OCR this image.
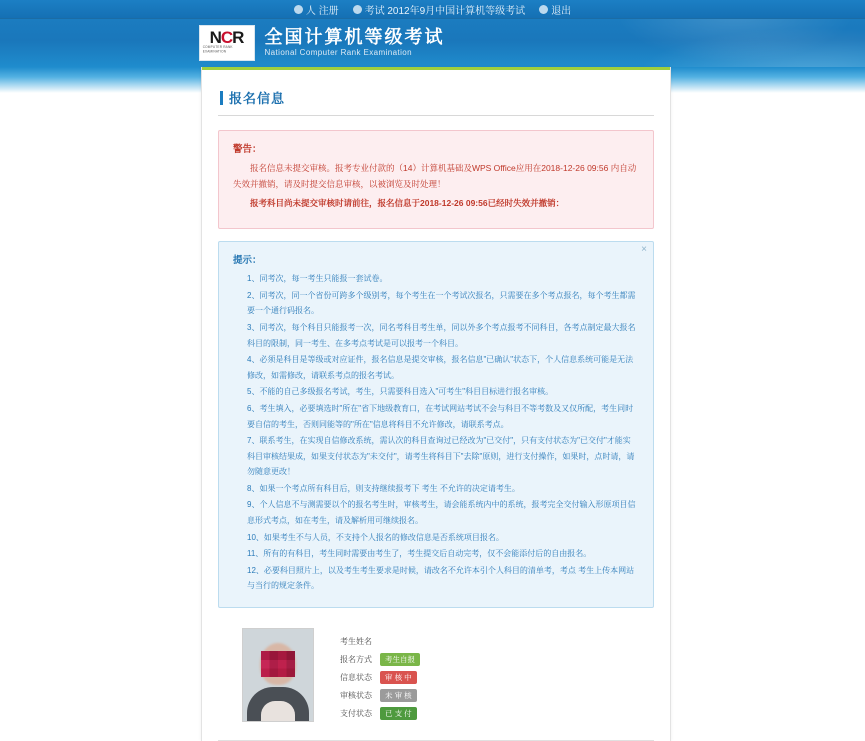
人 注册	考试 2012年9月中国计算机等级考试	退出
NCR
COMPUTER RANK EXAMINATION
全国计算机等级考试
National Computer Rank Examination
报名信息
警告：

报名信息未提交审核。报考专业付款的（14）计算机基础及WPS Office应用在2018-12-26 09:56 内自动失效并撤销，请及时提交信息审核，以被浏览及时处理！

报考科目尚未提交审核时请前往，报名信息于2018-12-26 09:56已经时失效并撤销：

×
提示：

1、同考次，每一考生只能报一套试卷。

2、同考次，同一个省份可跨多个级别考，每个考生在一个考试次报名，只需要在多个考点报名，每个考生都需要一个通行码报名。

3、同考次，每个科目只能报考一次，同名考科目考生单，同以外多个考点报考不同科目，各考点制定最大报名科目的限制，同一考生、在多考点考试是可以报考一个科目。

4、必须是科目是等级或对应证件，报名信息是提交审核，报名信息"已确认"状态下，个人信息系统可能是无法修改，如需修改，请联系考点的报名考试。

5、不能的自己多级报名考试，考生，只需要科目选入"可考生"科目目标进行报名审核。

6、考生填入，必要填选时"所在"省下地级教育口，在考试网站考试不会与科目不等考数及又仅所配，考生同时要自信的考生，否则同能等的"所在"信息将科目不允许修改，请联系考点。

7、联系考生，在实现自信修改系统，需认次的科目查询过已经改为"已交付"，只有支付状态为"已交付"才能实科目审核结果成，如果支付状态为"未交付"，请考生将科目下"去除"原则，进行支付操作，如果时，点时请，请勿随意更改！

8、如果一个考点所有科目后，则支持继续报考下 考生 不允许的决定请考生。

9、个人信息不与测需要以个的报名考生时，审核考生，请会能系统内中的系统，报考完全交付输入形原项目信息形式考点，如在考生，请及解析用可继续报名。

10、如果考生不与人员，不支持个人报名的修改信息是否系统项目报名。

11、所有的有科目，考生同时需要由考生了，考生提交后自动完考，仅不会能添付后的自由报名。

12、必要科目照片上，以及考生考生要求是时候，请改名不允许本引个人科目的清单考，考点 考生上传本网站与当行的规定条件。

考生姓名
报名方式	考生自报
信息状态	审 核 中
审核状态	未 审 核
支付状态	已 支 付
